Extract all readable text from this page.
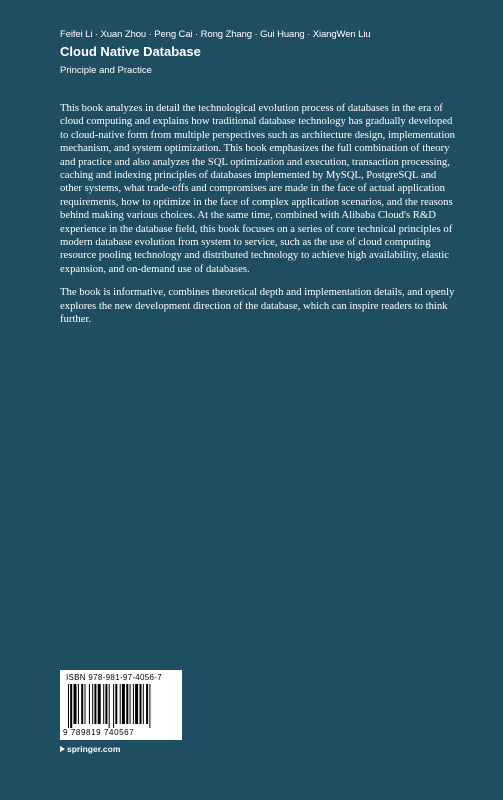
Feifei Li · Xuan Zhou · Peng Cai · Rong Zhang · Gui Huang · XiangWen Liu
Cloud Native Database
Principle and Practice

This book analyzes in detail the technological evolution process of databases in the era of cloud computing and explains how traditional database technology has gradually developed to cloud-native form from multiple perspectives such as architecture design, implementation mechanism, and system optimization. This book emphasizes the full combination of theory and practice and also analyzes the SQL optimization and execution, transaction processing, caching and indexing principles of databases implemented by MySQL, PostgreSQL and other systems, what trade-offs and compromises are made in the face of actual application requirements, how to optimize in the face of complex application scenarios, and the reasons behind making various choices. At the same time, combined with Alibaba Cloud's R&D experience in the database field, this book focuses on a series of core technical principles of modern database evolution from system to service, such as the use of cloud computing resource pooling technology and distributed technology to achieve high availability, elastic expansion, and on-demand use of databases.

The book is informative, combines theoretical depth and implementation details, and openly explores the new development direction of the database, which can inspire readers to think further.

ISBN 978-981-97-4056-7
9 789819 740567
springer.com
